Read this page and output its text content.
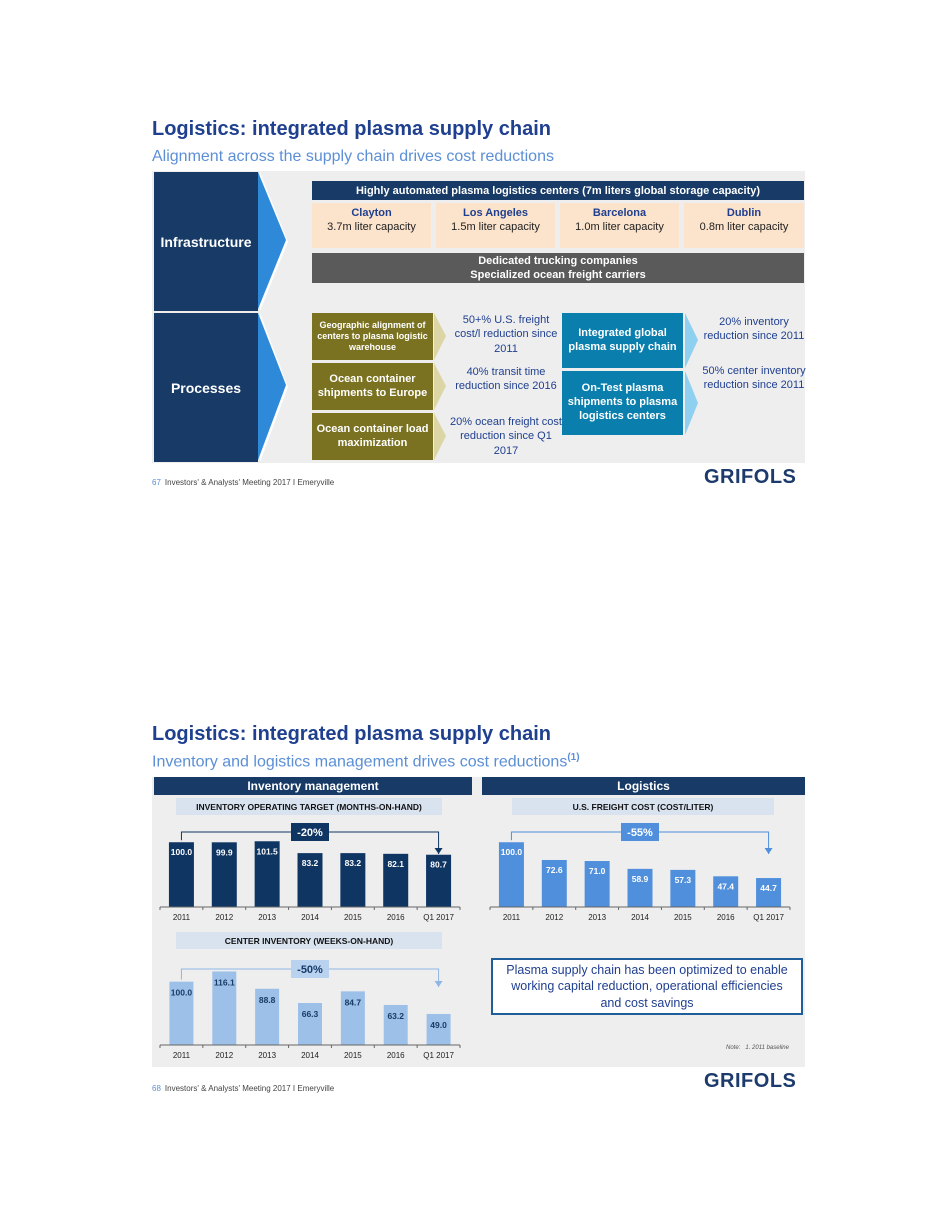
Logistics: integrated plasma supply chain
Alignment across the supply chain drives cost reductions
Infrastructure
Processes
Highly automated plasma logistics centers (7m liters global storage capacity)
Clayton
3.7m liter capacity
Los Angeles
1.5m liter capacity
Barcelona
1.0m liter capacity
Dublin
0.8m liter capacity
Dedicated trucking companies
Specialized ocean freight carriers
Geographic alignment of centers to plasma logistic warehouse
Ocean container shipments to Europe
Ocean container load maximization
50+% U.S. freight cost/l reduction since 2011
40% transit time reduction since 2016
20% ocean freight cost reduction since Q1 2017
Integrated global plasma supply chain
On-Test plasma shipments to plasma logistics centers
20% inventory reduction since 2011
50% center inventory reduction since 2011
67 Investors' & Analysts' Meeting 2017 I Emeryville	GRIFOLS
Logistics: integrated plasma supply chain
Inventory and logistics management drives cost reductions$^{(1)}$
Inventory management	Logistics
INVENTORY OPERATING TARGET (MONTHS-ON-HAND)
100.0
2011
99.9
2012
101.5
2013
83.2
2014
83.2
2015
82.1
2016
80.7
Q1 2017
-20%
CENTER INVENTORY (WEEKS-ON-HAND)
100.0
2011
116.1
2012
88.8
2013
66.3
2014
84.7
2015
63.2
2016
49.0
Q1 2017
-50%
U.S. FREIGHT COST (COST/LITER)
100.0
2011
72.6
2012
71.0
2013
58.9
2014
57.3
2015
47.4
2016
44.7
Q1 2017
-55%
Plasma supply chain has been optimized to enable working capital reduction, operational efficiencies and cost savings
Note: 1. 2011 baseline
68 Investors' & Analysts' Meeting 2017 I Emeryville	GRIFOLS
